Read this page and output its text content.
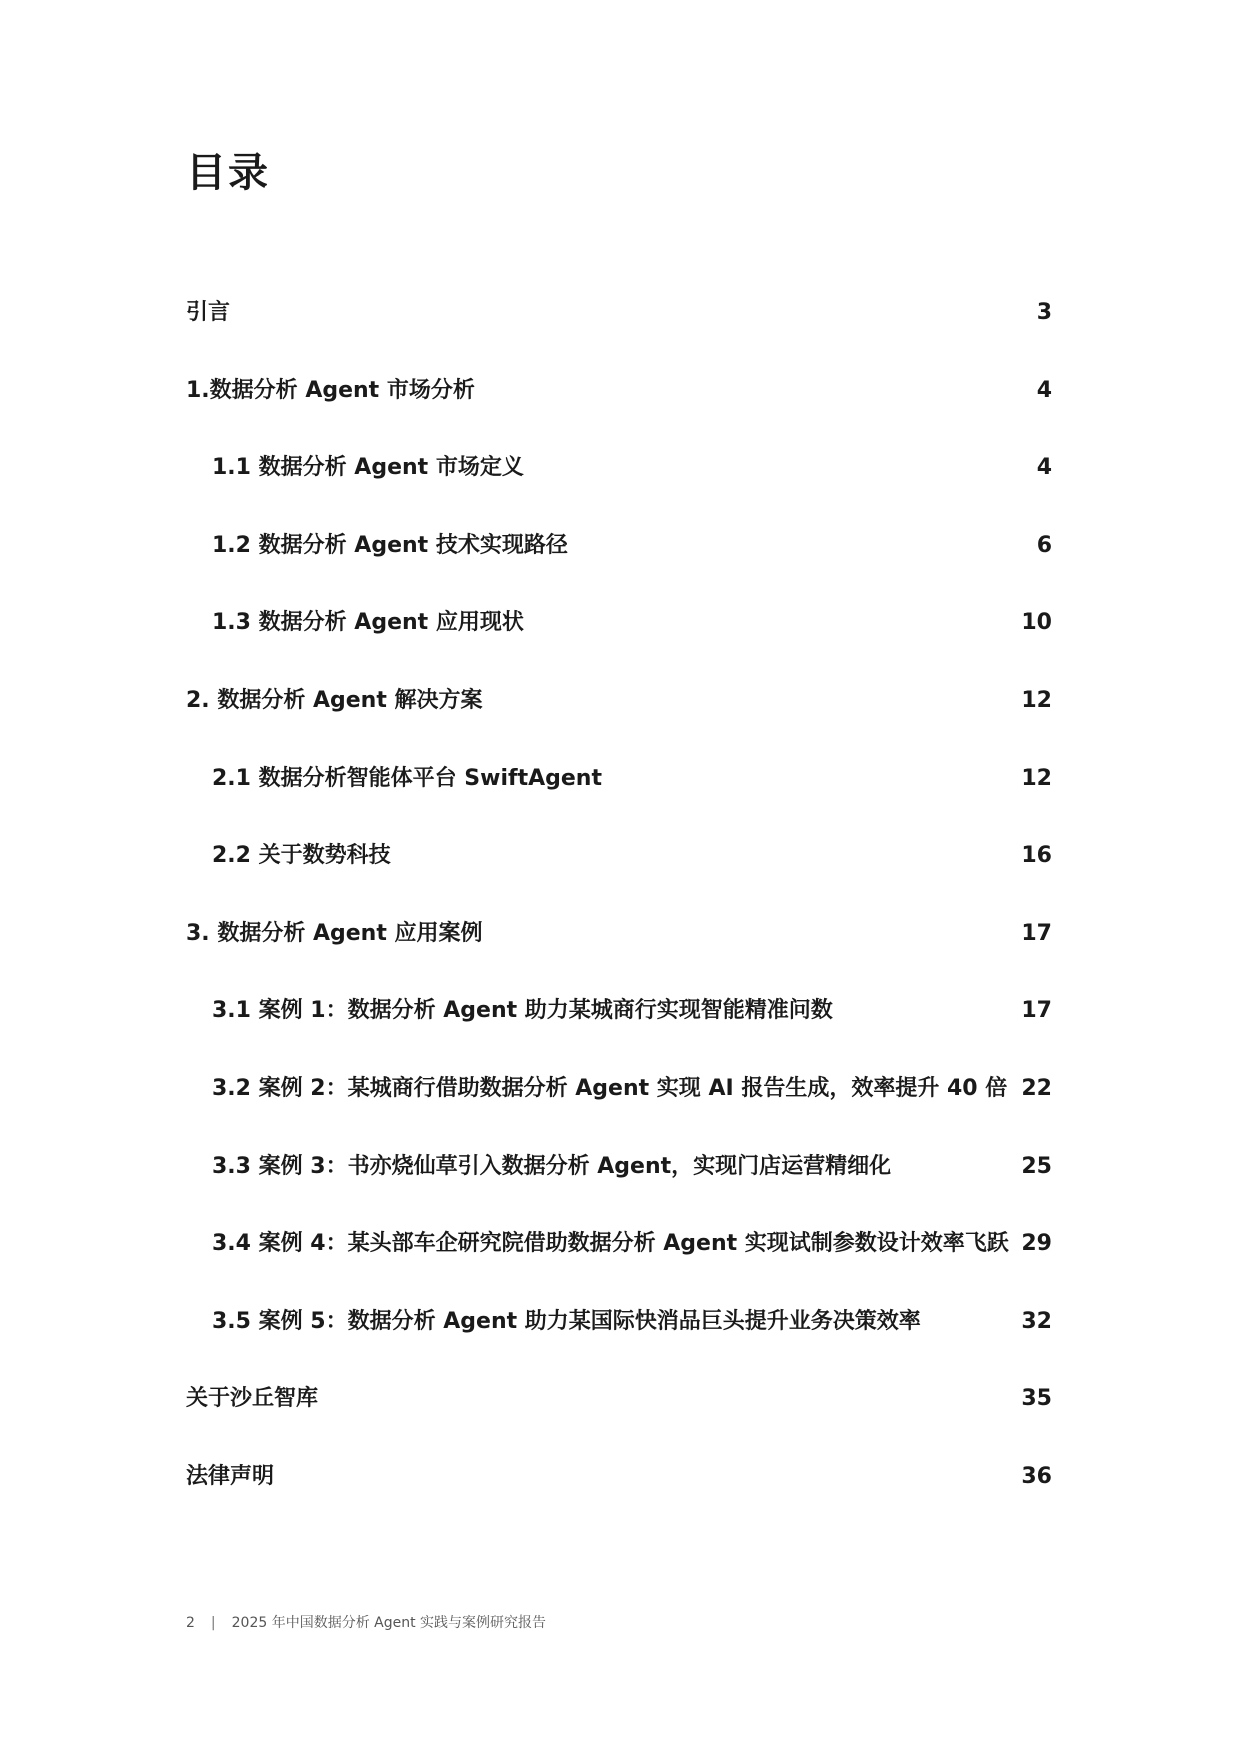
目录
引言	3
1.数据分析 Agent 市场分析	4
1.1 数据分析 Agent 市场定义	4
1.2 数据分析 Agent 技术实现路径	6
1.3 数据分析 Agent 应用现状	10
2. 数据分析 Agent 解决方案	12
2.1 数据分析智能体平台 SwiftAgent	12
2.2 关于数势科技	16
3. 数据分析 Agent 应用案例	17
3.1 案例 1：数据分析 Agent 助力某城商行实现智能精准问数	17
3.2 案例 2：某城商行借助数据分析 Agent 实现 AI 报告生成，效率提升 40 倍 22
3.3 案例 3：书亦烧仙草引入数据分析 Agent，实现门店运营精细化	25
3.4 案例 4：某头部车企研究院借助数据分析 Agent 实现试制参数设计效率飞跃 29
3.5 案例 5：数据分析 Agent 助力某国际快消品巨头提升业务决策效率	32
关于沙丘智库	35
法律声明	36
2 | 2025 年中国数据分析 Agent 实践与案例研究报告
